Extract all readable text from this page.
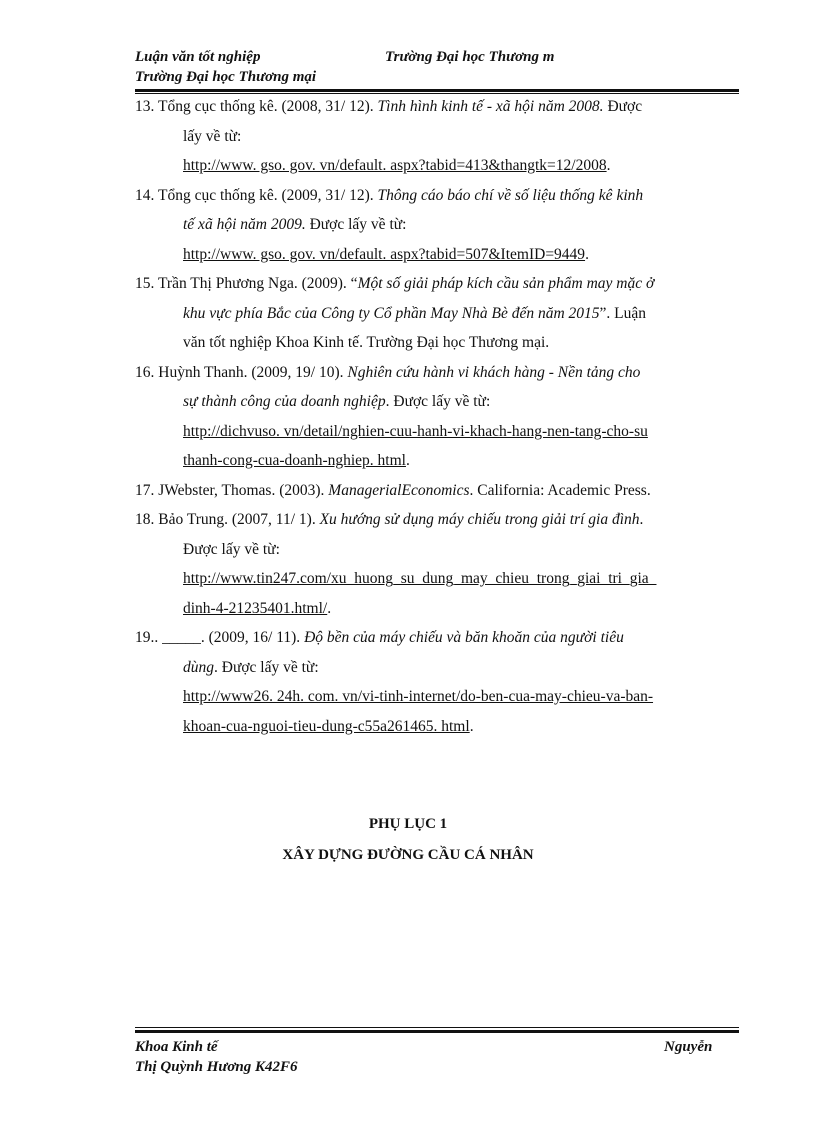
Luận văn tốt nghiệp	Trường Đại học Thương m
Trường Đại học Thương mại
13. Tổng cục thống kê. (2008, 31/ 12). Tình hình kinh tế - xã hội năm 2008. Được
lấy về từ:
http://www. gso. gov. vn/default. aspx?tabid=413&thangtk=12/2008.
14. Tổng cục thống kê. (2009, 31/ 12). Thông cáo báo chí về số liệu thống kê kinh
tế xã hội năm 2009. Được lấy về từ:
http://www. gso. gov. vn/default. aspx?tabid=507&ItemID=9449.
15. Trần Thị Phương Nga. (2009). “Một số giải pháp kích cầu sản phẩm may mặc ở
khu vực phía Bắc của Công ty Cổ phần May Nhà Bè đến năm 2015”. Luận
văn tốt nghiệp Khoa Kinh tế. Trường Đại học Thương mại.
16. Huỳnh Thanh. (2009, 19/ 10). Nghiên cứu hành vi khách hàng - Nền tảng cho
sự thành công của doanh nghiệp. Được lấy về từ:
http://dichvuso. vn/detail/nghien-cuu-hanh-vi-khach-hang-nen-tang-cho-su
thanh-cong-cua-doanh-nghiep. html.
17. JWebster, Thomas. (2003). ManagerialEconomics. California: Academic Press.
18. Bảo Trung. (2007, 11/ 1). Xu hướng sử dụng máy chiếu trong giải trí gia đình.
Được lấy về từ:
http://www.tin247.com/xu_huong_su_dung_may_chieu_trong_giai_tri_gia_
dinh-4-21235401.html/.
19.. _____. (2009, 16/ 11). Độ bền của máy chiếu và băn khoăn của người tiêu
dùng. Được lấy về từ:
http://www26. 24h. com. vn/vi-tinh-internet/do-ben-cua-may-chieu-va-ban-
khoan-cua-nguoi-tieu-dung-c55a261465. html.
PHỤ LỤC 1
XÂY DỰNG ĐƯỜNG CẦU CÁ NHÂN
Khoa Kinh tế	Nguyễn
Thị Quỳnh Hương K42F6
